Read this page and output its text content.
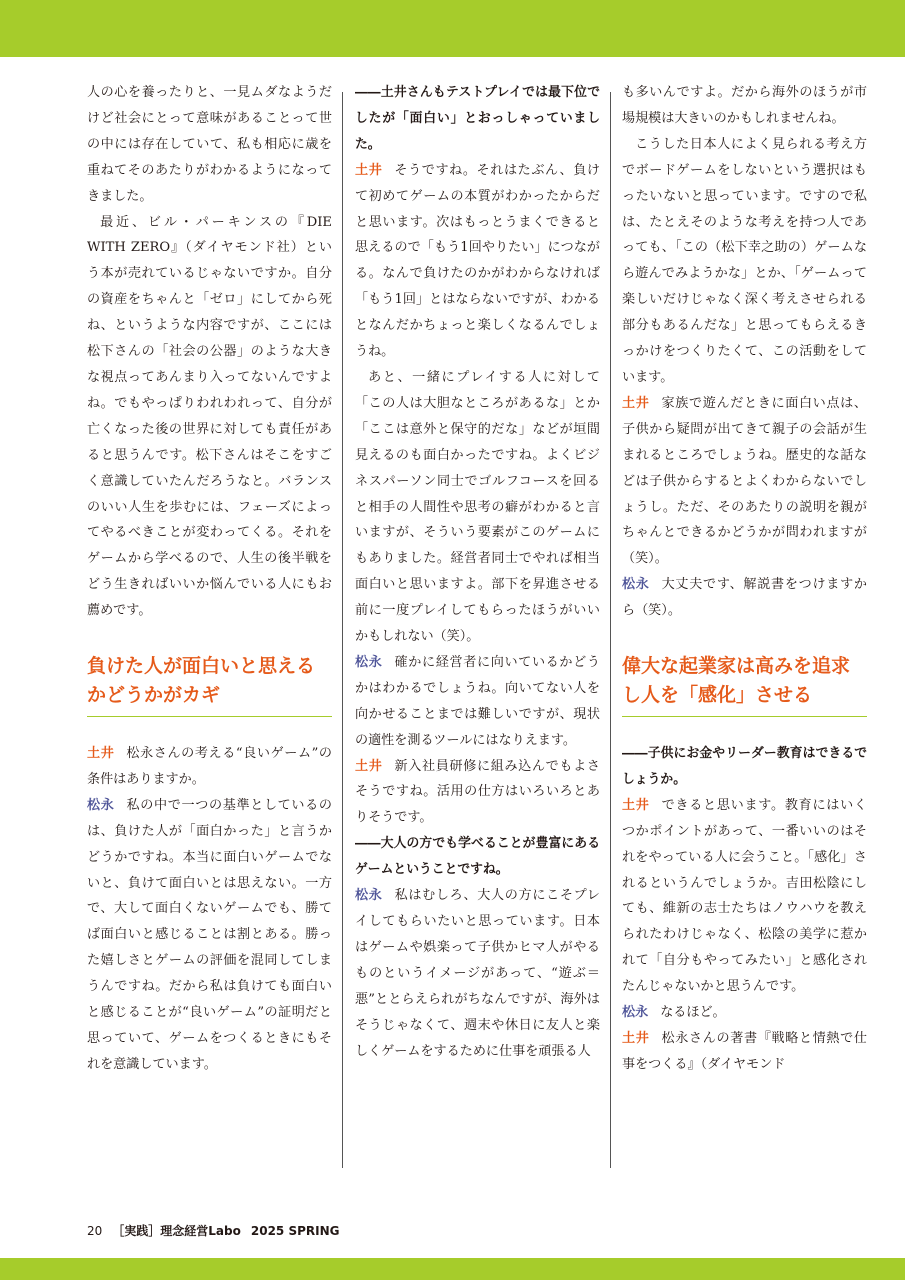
人の心を養ったりと、一見ムダなようだけど社会にとって意味があることって世の中には存在していて、私も相応に歳を重ねてそのあたりがわかるようになってきました。

最近、ビル・パーキンスの『DIE WITH ZERO』（ダイヤモンド社）という本が売れているじゃないですか。自分の資産をちゃんと「ゼロ」にしてから死ね、というような内容ですが、ここには松下さんの「社会の公器」のような大きな視点ってあんまり入ってないんですよね。でもやっぱりわれわれって、自分が亡くなった後の世界に対しても責任があると思うんです。松下さんはそこをすごく意識していたんだろうなと。バランスのいい人生を歩むには、フェーズによってやるべきことが変わってくる。それをゲームから学べるので、人生の後半戦をどう生きればいいか悩んでいる人にもお薦めです。

負けた人が面白いと思えるかどうかがカギ

土井 松永さんの考える“良いゲーム”の条件はありますか。

松永 私の中で一つの基準としているのは、負けた人が「面白かった」と言うかどうかですね。本当に面白いゲームでないと、負けて面白いとは思えない。一方で、大して面白くないゲームでも、勝てば面白いと感じることは割とある。勝った嬉しさとゲームの評価を混同してしまうんですね。だから私は負けても面白いと感じることが“良いゲーム”の証明だと思っていて、ゲームをつくるときにもそれを意識しています。

――土井さんもテストプレイでは最下位でしたが「面白い」とおっしゃっていました。

土井 そうですね。それはたぶん、負けて初めてゲームの本質がわかったからだと思います。次はもっとうまくできると思えるので「もう1回やりたい」につながる。なんで負けたのかがわからなければ「もう1回」とはならないですが、わかるとなんだかちょっと楽しくなるんでしょうね。

あと、一緒にプレイする人に対して「この人は大胆なところがあるな」とか「ここは意外と保守的だな」などが垣間見えるのも面白かったですね。よくビジネスパーソン同士でゴルフコースを回ると相手の人間性や思考の癖がわかると言いますが、そういう要素がこのゲームにもありました。経営者同士でやれば相当面白いと思いますよ。部下を昇進させる前に一度プレイしてもらったほうがいいかもしれない（笑）。

松永 確かに経営者に向いているかどうかはわかるでしょうね。向いてない人を向かせることまでは難しいですが、現状の適性を測るツールにはなりえます。

土井 新入社員研修に組み込んでもよさそうですね。活用の仕方はいろいろとありそうです。

――大人の方でも学べることが豊富にあるゲームということですね。

松永 私はむしろ、大人の方にこそプレイしてもらいたいと思っています。日本はゲームや娯楽って子供かヒマ人がやるものというイメージがあって、“遊ぶ＝悪”ととらえられがちなんですが、海外はそうじゃなくて、週末や休日に友人と楽しくゲームをするために仕事を頑張る人

も多いんですよ。だから海外のほうが市場規模は大きいのかもしれませんね。

こうした日本人によく見られる考え方でボードゲームをしないという選択はもったいないと思っています。ですので私は、たとえそのような考えを持つ人であっても、「この（松下幸之助の）ゲームなら遊んでみようかな」とか、「ゲームって楽しいだけじゃなく深く考えさせられる部分もあるんだな」と思ってもらえるきっかけをつくりたくて、この活動をしています。

土井 家族で遊んだときに面白い点は、子供から疑問が出てきて親子の会話が生まれるところでしょうね。歴史的な話などは子供からするとよくわからないでしょうし。ただ、そのあたりの説明を親がちゃんとできるかどうかが問われますが（笑）。

松永 大丈夫です、解説書をつけますから（笑）。

偉大な起業家は高みを追求し人を「感化」させる

――子供にお金やリーダー教育はできるでしょうか。

土井 できると思います。教育にはいくつかポイントがあって、一番いいのはそれをやっている人に会うこと。「感化」されるというんでしょうか。吉田松陰にしても、維新の志士たちはノウハウを教えられたわけじゃなく、松陰の美学に惹かれて「自分もやってみたい」と感化されたんじゃないかと思うんです。

松永 なるほど。

土井 松永さんの著書『戦略と情熱で仕事をつくる』（ダイヤモンド

20 ［実践］理念経営Labo 2025 SPRING
